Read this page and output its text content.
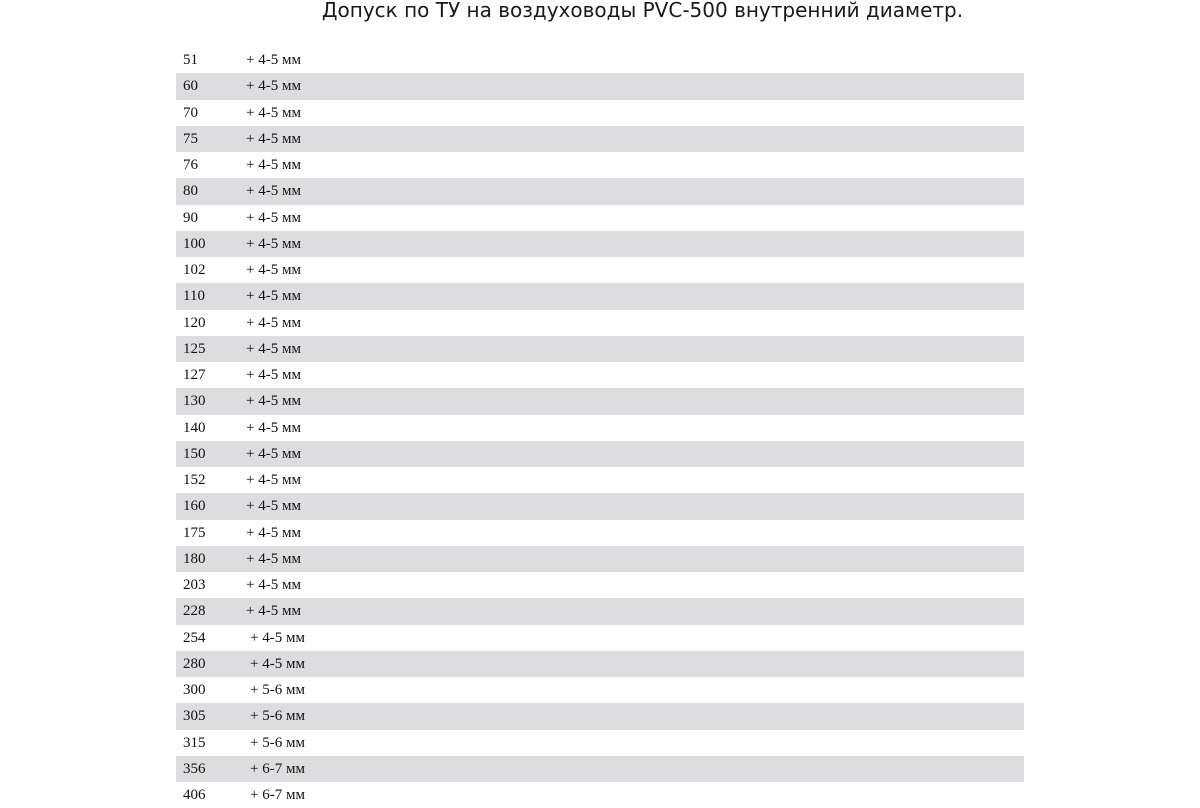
Допуск по ТУ на воздуховоды PVC-500 внутренний диаметр.
51	+ 4-5 мм
60	+ 4-5 мм
70	+ 4-5 мм
75	+ 4-5 мм
76	+ 4-5 мм
80	+ 4-5 мм
90	+ 4-5 мм
100	+ 4-5 мм
102	+ 4-5 мм
110	+ 4-5 мм
120	+ 4-5 мм
125	+ 4-5 мм
127	+ 4-5 мм
130	+ 4-5 мм
140	+ 4-5 мм
150	+ 4-5 мм
152	+ 4-5 мм
160	+ 4-5 мм
175	+ 4-5 мм
180	+ 4-5 мм
203	+ 4-5 мм
228	+ 4-5 мм
254	+ 4-5 мм
280	+ 4-5 мм
300	+ 5-6 мм
305	+ 5-6 мм
315	+ 5-6 мм
356	+ 6-7 мм
406	+ 6-7 мм
